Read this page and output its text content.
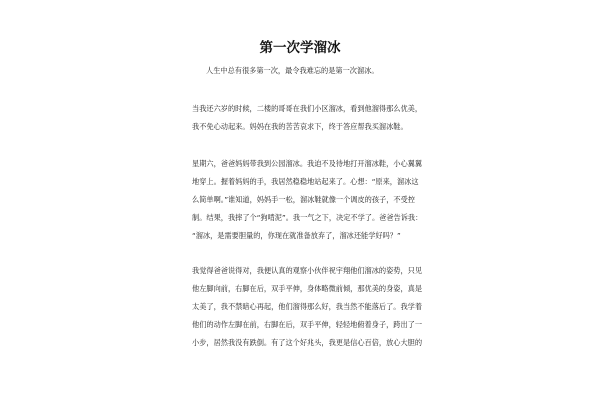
第一次学溜冰
人生中总有很多第一次，最令我难忘的是第一次溜冰。
当我还六岁的时候，二楼的哥哥在我们小区溜冰，看到他溜得那么优美，
我不免心动起来。妈妈在我的苦苦哀求下，终于答应帮我买溜冰鞋。
星期六，爸爸妈妈带我到公园溜冰。我迫不及待地打开溜冰鞋，小心翼翼
地穿上。握着妈妈的手，我居然稳稳地站起来了。心想：“原来，溜冰这
么简单啊。”谁知道，妈妈手一松，溜冰鞋就像一个调皮的孩子，不受控
制。结果，我摔了个“狗啃泥”。我一气之下，决定不学了。爸爸告诉我：
“溜冰，是需要胆量的，你现在就准备放弃了，溜冰还能学好吗？”
我觉得爸爸说得对，我便认真的观察小伙伴祝宇翔他们溜冰的姿势，只见
他左脚向前，右脚在后，双手平伸，身体略微前倾，那优美的身姿，真是
太美了，我不禁暗心再起，他们溜得那么好，我当然不能落后了。我学着
他们的动作左脚在前，右脚在后，双手平伸，轻轻地俯着身子，跨出了一
小步，居然我没有跌倒。有了这个好兆头，我更是信心百倍，放心大胆的
